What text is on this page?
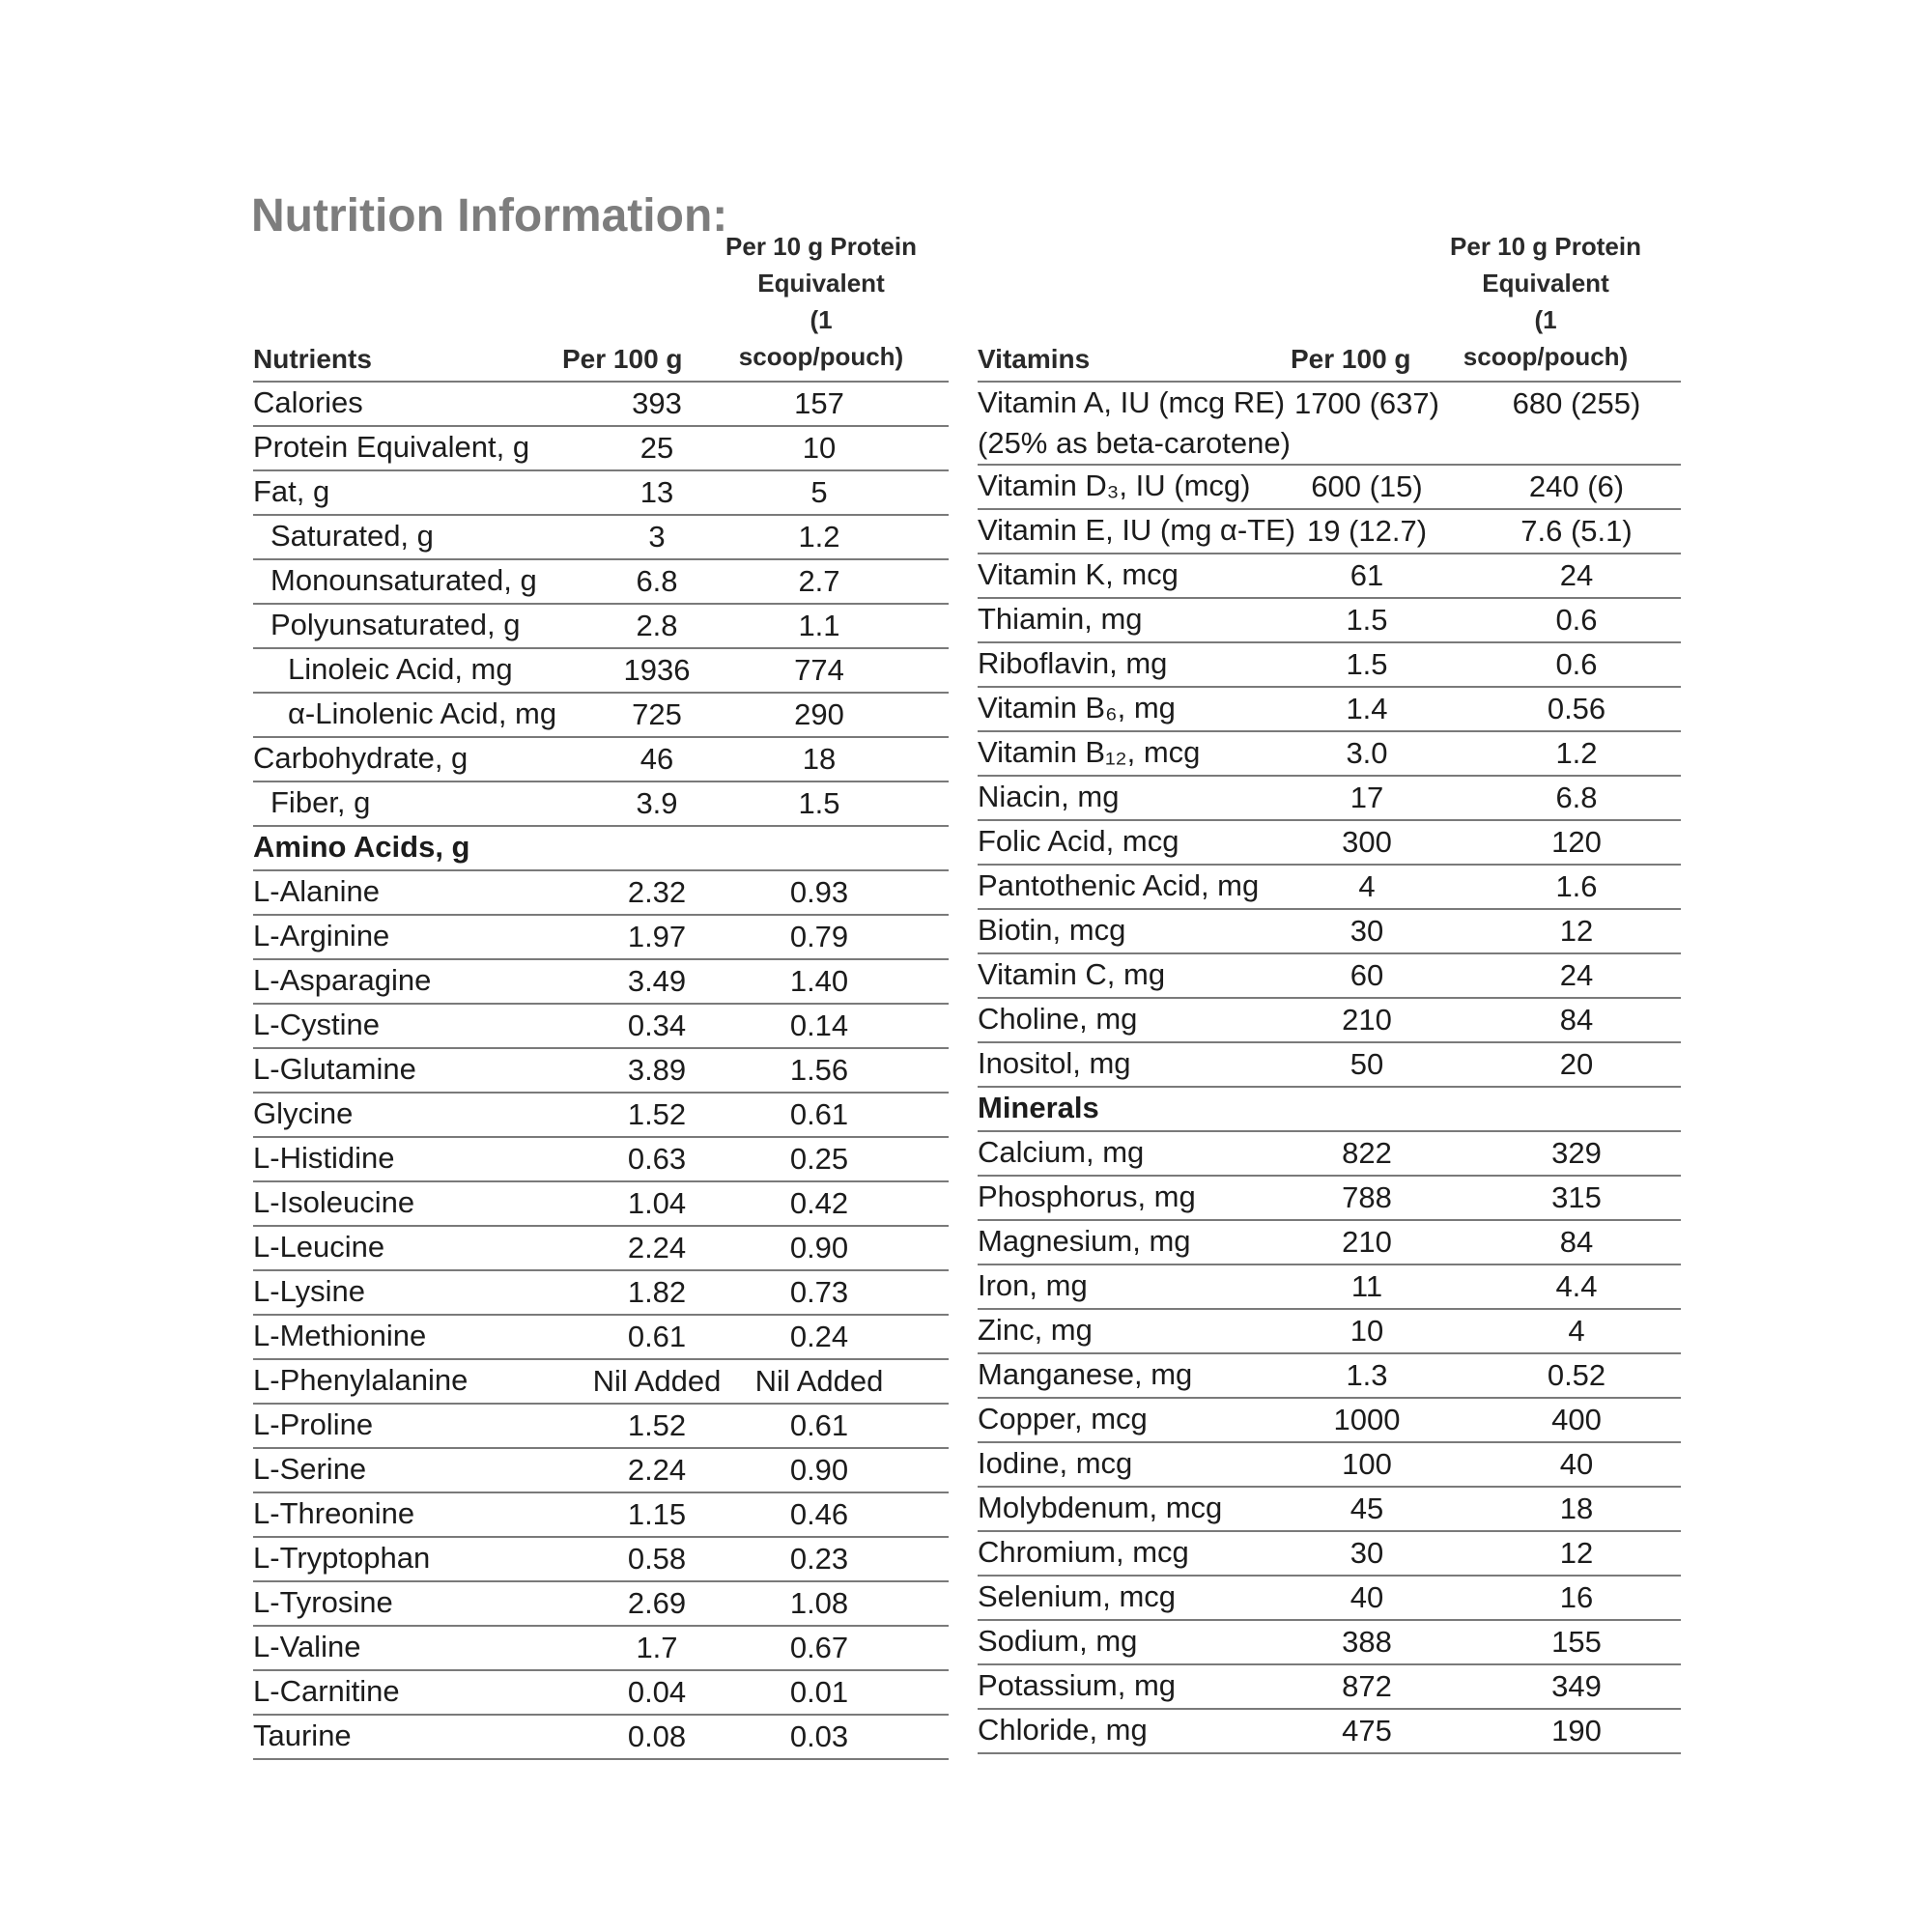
Nutrition Information:
Nutrients	Per 100 g
Per 10 g Protein
Equivalent
(1 scoop/pouch)
Calories	393	157
Protein Equivalent, g	25	10
Fat, g	13	5
Saturated, g	3	1.2
Monounsaturated, g	6.8	2.7
Polyunsaturated, g	2.8	1.1
Linoleic Acid, mg	1936	774
α-Linolenic Acid, mg	725	290
Carbohydrate, g	46	18
Fiber, g	3.9	1.5
Amino Acids, g
L-Alanine	2.32	0.93
L-Arginine	1.97	0.79
L-Asparagine	3.49	1.40
L-Cystine	0.34	0.14
L-Glutamine	3.89	1.56
Glycine	1.52	0.61
L-Histidine	0.63	0.25
L-Isoleucine	1.04	0.42
L-Leucine	2.24	0.90
L-Lysine	1.82	0.73
L-Methionine	0.61	0.24
L-Phenylalanine	Nil Added	Nil Added
L-Proline	1.52	0.61
L-Serine	2.24	0.90
L-Threonine	1.15	0.46
L-Tryptophan	0.58	0.23
L-Tyrosine	2.69	1.08
L-Valine	1.7	0.67
L-Carnitine	0.04	0.01
Taurine	0.08	0.03
Vitamins	Per 100 g
Per 10 g Protein
Equivalent
(1 scoop/pouch)
Vitamin A, IU (mcg RE)
(25% as beta-carotene)
1700 (637)	680 (255)
Vitamin D₃, IU (mcg)	600 (15)	240 (6)
Vitamin E, IU (mg α-TE) 19 (12.7)	7.6 (5.1)
Vitamin K, mcg	61	24
Thiamin, mg	1.5	0.6
Riboflavin, mg	1.5	0.6
Vitamin B₆, mg	1.4	0.56
Vitamin B₁₂, mcg	3.0	1.2
Niacin, mg	17	6.8
Folic Acid, mcg	300	120
Pantothenic Acid, mg	4	1.6
Biotin, mcg	30	12
Vitamin C, mg	60	24
Choline, mg	210	84
Inositol, mg	50	20
Minerals
Calcium, mg	822	329
Phosphorus, mg	788	315
Magnesium, mg	210	84
Iron, mg	11	4.4
Zinc, mg	10	4
Manganese, mg	1.3	0.52
Copper, mcg	1000	400
Iodine, mcg	100	40
Molybdenum, mcg	45	18
Chromium, mcg	30	12
Selenium, mcg	40	16
Sodium, mg	388	155
Potassium, mg	872	349
Chloride, mg	475	190
